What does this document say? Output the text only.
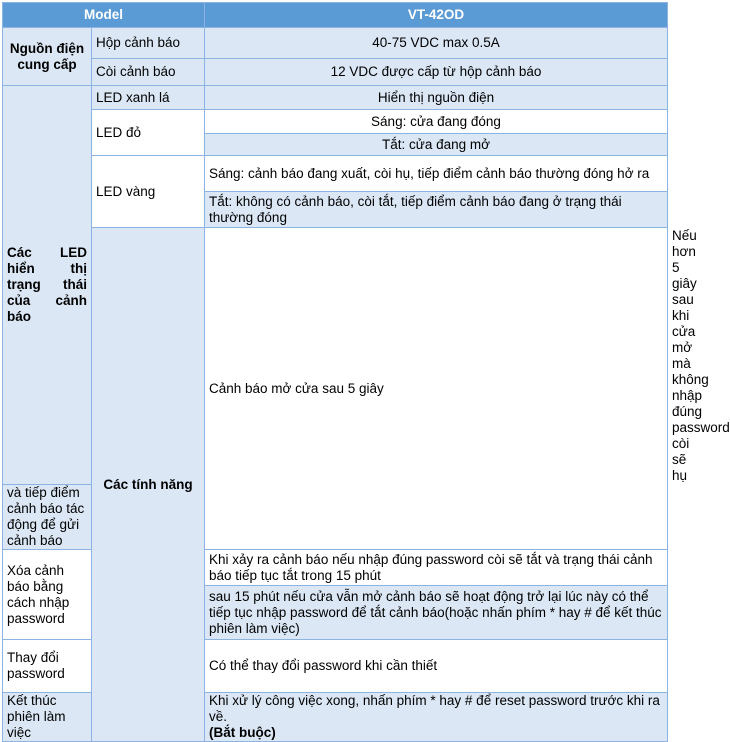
Model		VT-42OD	
Nguồn điện cung cấp	Hộp cảnh báo	40-75 VDC max 0.5A	
	Còi cảnh báo	12 VDC được cấp từ hộp cảnh báo	
Các LED hiển thị trạng thái của cảnh báo	LED xanh lá	Hiển thị nguồn điện	
	LED đỏ	Sáng: cửa đang đóng	
		Tắt: cửa đang mở	
	LED vàng	Sáng: cảnh báo đang xuất, còi hụ, tiếp điểm cảnh báo thường đóng hở ra	
		Tắt: không có cảnh báo, còi tắt, tiếp điểm cảnh báo đang ở trạng thái thường đóng	
	Các tính năng	Cảnh báo mở cửa sau 5 giây	Nếu hơn 5 giây sau khi cửa mở mà không nhập đúng password còi sẽ hụ
và tiếp điểm cảnh báo tác động để gửi cảnh báo			
Xóa cảnh báo bằng cách nhập password		Khi xảy ra cảnh báo nếu nhập đúng password còi sẽ tắt và trạng thái cảnh báo tiếp tục tắt trong 15 phút	
		sau 15 phút nếu cửa vẫn mở cảnh báo sẽ hoạt động trở lại lúc này có thể tiếp tục nhập password để tắt cảnh báo(hoặc nhấn phím * hay # để kết thúc phiên làm việc)	
Thay đổi password		Có thể thay đổi password khi cần thiết	
Kết thúc phiên làm việc		Khi xử lý công việc xong, nhấn phím * hay # để reset password trước khi ra về.
(Bắt buộc)	
